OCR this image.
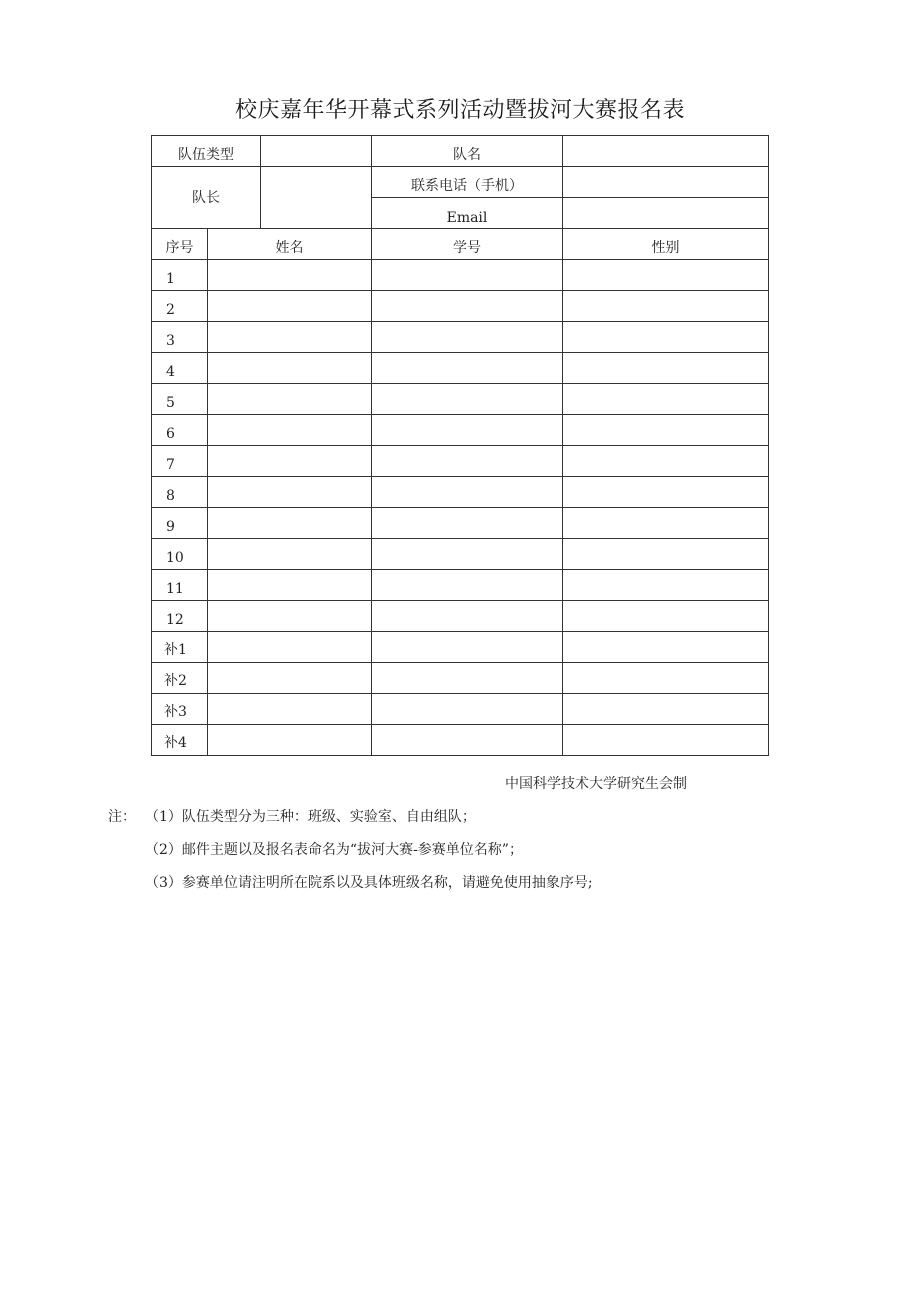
校庆嘉年华开幕式系列活动暨拔河大赛报名表
队伍类型			队名	
队长			联系电话（手机）	
			Email	
序号	姓名		学号	性别
1				
2				
3				
4				
5				
6				
7				
8				
9				
10				
11				
12				
补1				
补2				
补3				
补4				
中国科学技术大学研究生会制
注： （1）队伍类型分为三种：班级、实验室、自由组队；
（2）邮件主题以及报名表命名为“拔河大赛-参赛单位名称”；
（3）参赛单位请注明所在院系以及具体班级名称，请避免使用抽象序号;
